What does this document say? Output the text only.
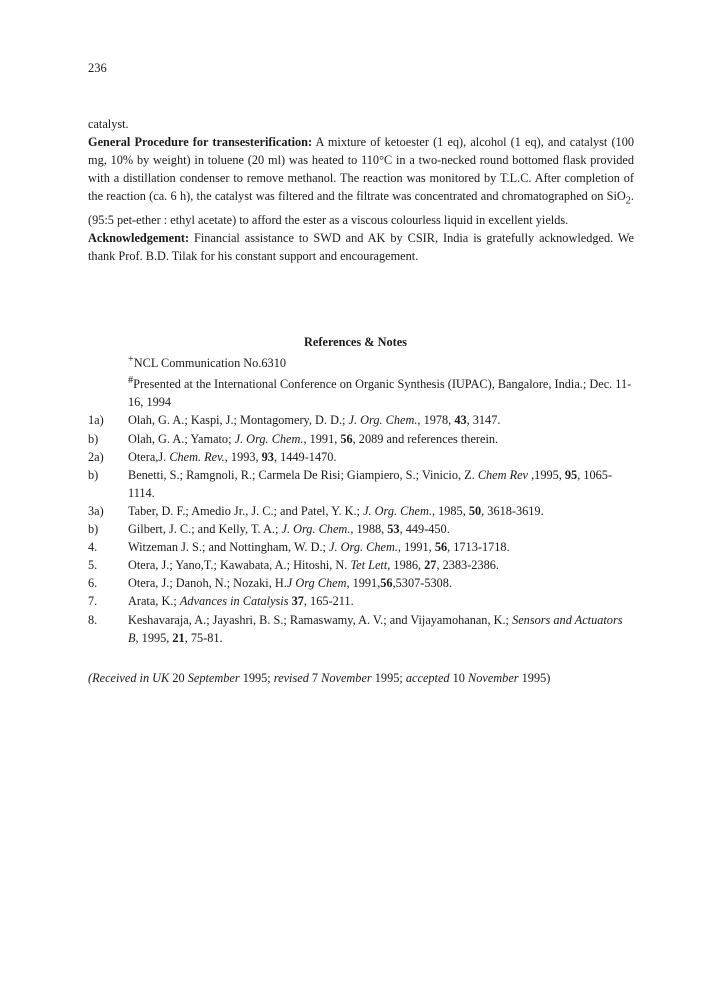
236

catalyst.

General Procedure for transesterification: A mixture of ketoester (1 eq), alcohol (1 eq), and catalyst (100 mg, 10% by weight) in toluene (20 ml) was heated to 110°C in a two-necked round bottomed flask provided with a distillation condenser to remove methanol. The reaction was monitored by T.L.C. After completion of the reaction (ca. 6 h), the catalyst was filtered and the filtrate was concentrated and chromatographed on SiO$_2$. (95:5 pet-ether : ethyl acetate) to afford the ester as a viscous colourless liquid in excellent yields.

Acknowledgement: Financial assistance to SWD and AK by CSIR, India is gratefully acknowledged. We thank Prof. B.D. Tilak for his constant support and encouragement.

References & Notes
+NCL Communication No.6310
#Presented at the International Conference on Organic Synthesis (IUPAC), Bangalore, India.; Dec. 11-16, 1994
1a)	Olah, G. A.; Kaspi, J.; Montagomery, D. D.; J. Org. Chem., 1978, 43, 3147.
b)	Olah, G. A.; Yamato; J. Org. Chem., 1991, 56, 2089 and references therein.
2a)	Otera,J. Chem. Rev., 1993, 93, 1449-1470.
b)	Benetti, S.; Ramgnoli, R.; Carmela De Risi; Giampiero, S.; Vinicio, Z. Chem Rev ,1995, 95, 1065-1114.
3a)	Taber, D. F.; Amedio Jr., J. C.; and Patel, Y. K.; J. Org. Chem., 1985, 50, 3618-3619.
b)	Gilbert, J. C.; and Kelly, T. A.; J. Org. Chem., 1988, 53, 449-450.
4.	Witzeman J. S.; and Nottingham, W. D.; J. Org. Chem., 1991, 56, 1713-1718.
5.	Otera, J.; Yano,T.; Kawabata, A.; Hitoshi, N. Tet Lett, 1986, 27, 2383-2386.
6.	Otera, J.; Danoh, N.; Nozaki, H.J Org Chem, 1991,56,5307-5308.
7.	Arata, K.; Advances in Catalysis 37, 165-211.
8.	Keshavaraja, A.; Jayashri, B. S.; Ramaswamy, A. V.; and Vijayamohanan, K.; Sensors and Actuators B, 1995, 21, 75-81.
(Received in UK 20 September 1995; revised 7 November 1995; accepted 10 November 1995)
